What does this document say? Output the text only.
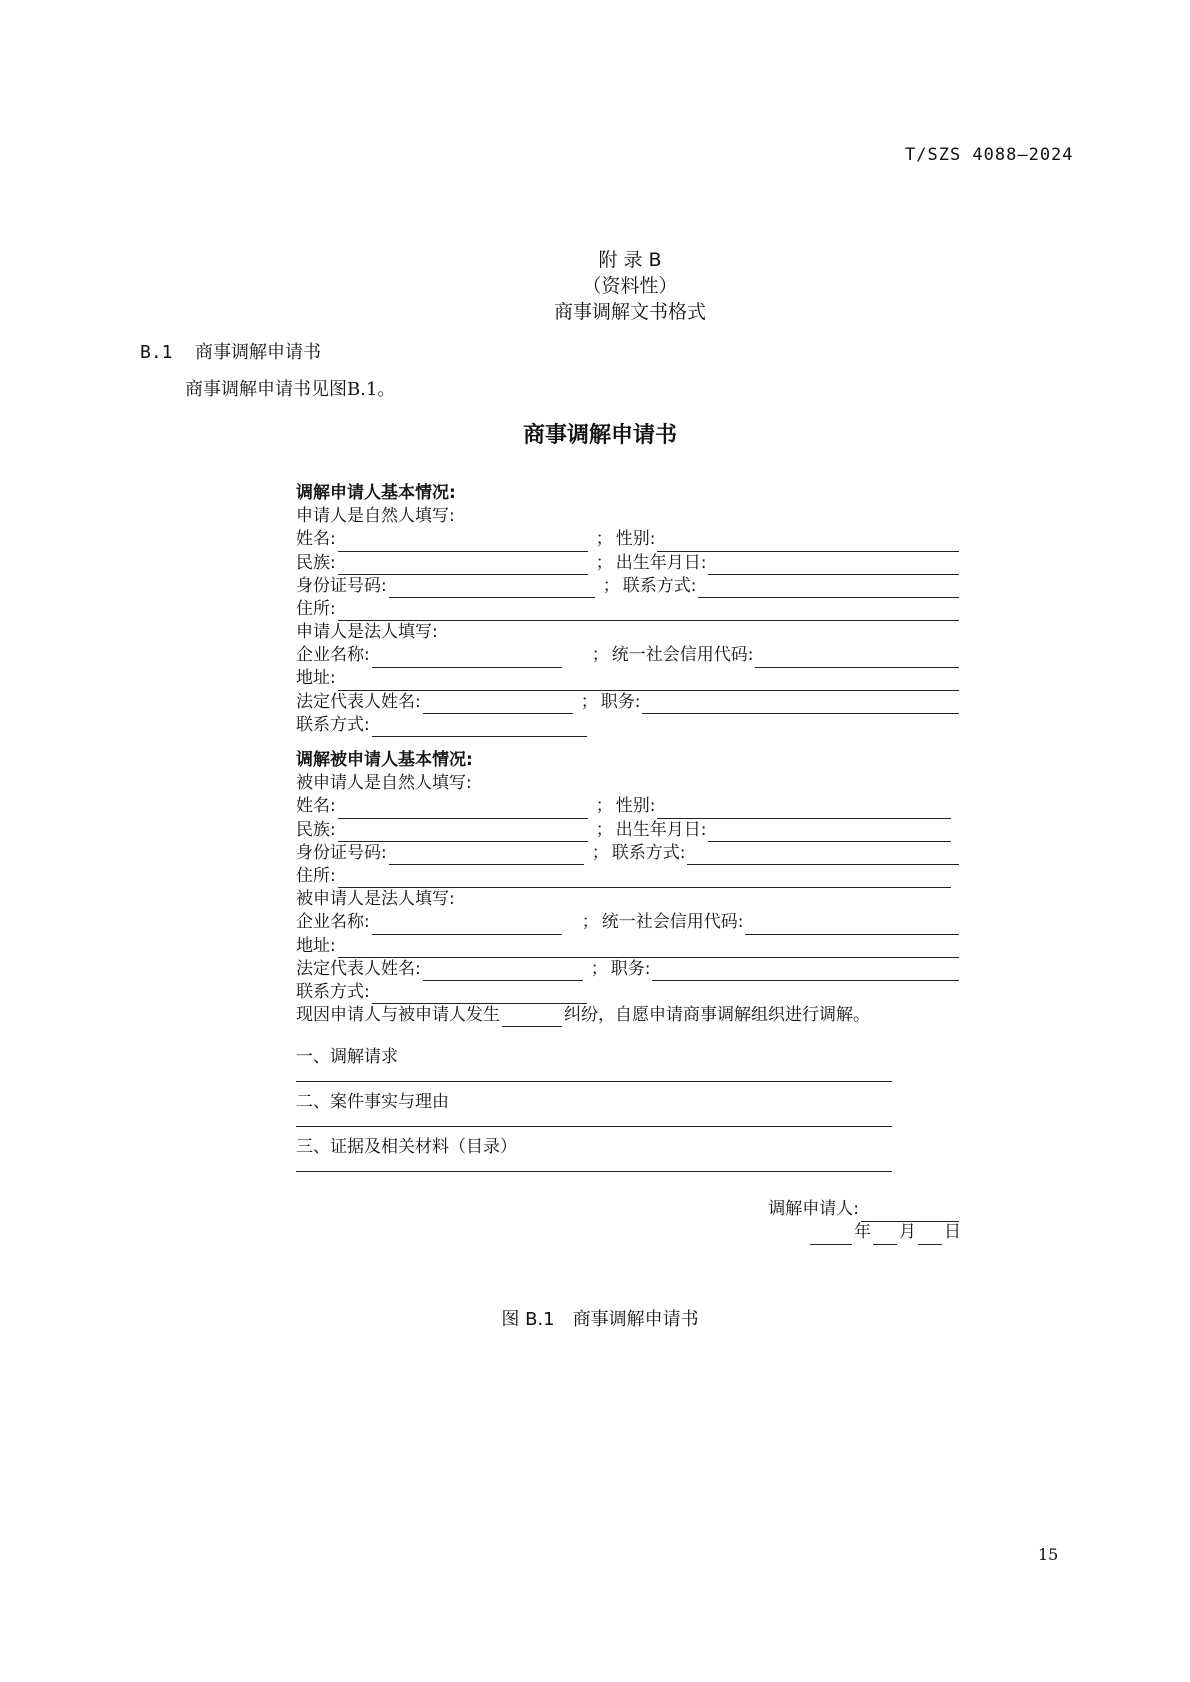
T/SZS 4088—2024
附 录 B
（资料性）
商事调解文书格式
B.1 商事调解申请书
商事调解申请书见图B.1。
商事调解申请书
调解申请人基本情况:
申请人是自然人填写:
姓名:	； 性别:
民族:	； 出生年月日:
身份证号码:	； 联系方式:
住所:
申请人是法人填写:
企业名称:	； 统一社会信用代码:
地址:
法定代表人姓名:	； 职务:
联系方式:
调解被申请人基本情况:
被申请人是自然人填写:
姓名:	； 性别:
民族:	； 出生年月日:
身份证号码:	； 联系方式:
住所:
被申请人是法人填写:
企业名称:	； 统一社会信用代码:
地址:
法定代表人姓名:	； 职务:
联系方式:
现因申请人与被申请人发生	纠纷，自愿申请商事调解组织进行调解。
一、调解请求
二、案件事实与理由
三、证据及相关材料（目录）
调解申请人:
年 月 日
图 B.1　商事调解申请书
15
